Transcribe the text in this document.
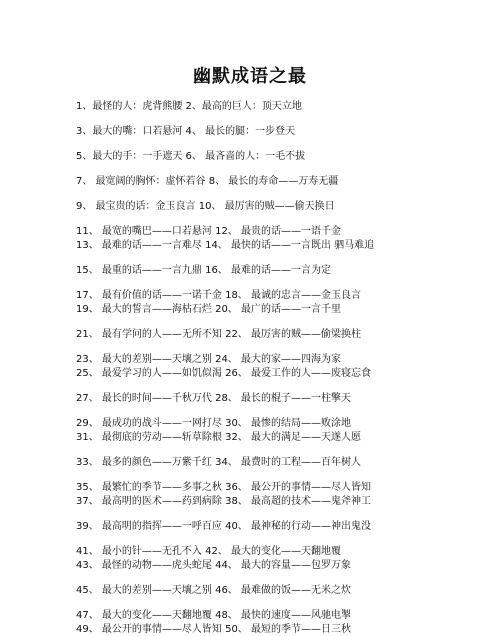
幽默成语之最
1、最怪的人：虎背熊腰 2、最高的巨人：顶天立地
3、最大的嘴：口若悬河 4、 最长的腿：一步登天
5、最大的手：一手遮天 6、 最吝啬的人：一毛不拔
7、 最宽阔的胸怀：虚怀若谷 8、 最长的寿命——万寿无疆
9、 最宝贵的话：金玉良言 10、 最厉害的贼——偷天换日
11、 最宽的嘴巴——口若悬河 12、 最贵的话——一语千金
13、 最难的话——一言难尽 14、 最快的话——一言既出 驷马难追
15、 最重的话——一言九鼎 16、 最难的话——一言为定
17、 最有价值的话——一诺千金 18、 最诚的忠言——金玉良言
19、 最大的誓言——海枯石烂 20、 最广的话——一言千里
21、 最有学问的人——无所不知 22、 最厉害的贼——偷梁换柱
23、 最大的差别——天壤之别 24、 最大的家——四海为家
25、 最爱学习的人——如饥似渴 26、 最爱工作的人——废寝忘食
27、 最长的时间——千秋万代 28、 最长的棍子——一柱擎天
29、 最成功的战斗——一网打尽 30、 最惨的结局——败涂地
31、 最彻底的劳动——斩草除根 32、 最大的满足——天遂人愿
33、 最多的颜色——万紫千红 34、 最费时的工程——百年树人
35、 最繁忙的季节——多事之秋 36、 最公开的事情——尽人皆知
37、 最高明的医术——药到病除 38、 最高超的技术——鬼斧神工
39、 最高明的指挥——一呼百应 40、 最神秘的行动——神出鬼没
41、 最小的针——无孔不入 42、 最大的变化——天翻地覆
43、 最怪的动物——虎头蛇尾 44、 最大的容量——包罗万象
45、 最大的差别——天壤之别 46、 最难做的饭——无米之炊
47、 最大的变化——天翻地覆 48、 最快的速度——风驰电掣
49、 最公开的事情——尽人皆知 50、 最短的季节——日三秋
